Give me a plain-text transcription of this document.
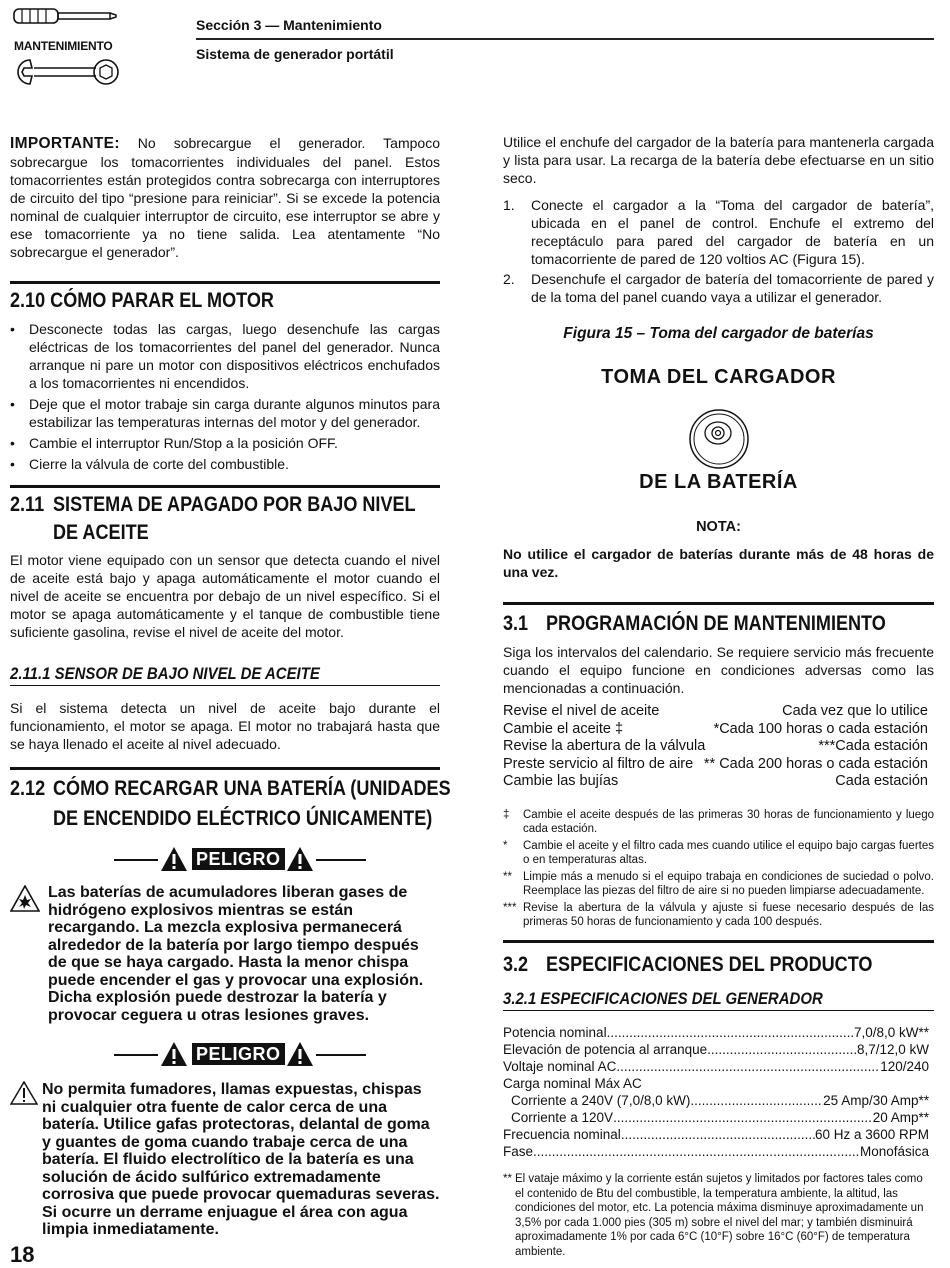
MANTENIMIENTO
Sección 3 — Mantenimiento
Sistema de generador portátil

IMPORTANTE: No sobrecargue el generador. Tampoco sobrecargue los tomacorrientes individuales del panel. Estos tomacorrientes están protegidos contra sobrecarga con interruptores de circuito del tipo “presione para reiniciar”. Si se excede la potencia nominal de cualquier interruptor de circuito, ese interruptor se abre y ese tomacorriente ya no tiene salida. Lea atentamente “No sobrecargue el generador”.

2.10 CÓMO PARAR EL MOTOR
• Desconecte todas las cargas, luego desenchufe las cargas eléctricas de los tomacorrientes del panel del generador. Nunca arranque ni pare un motor con dispositivos eléctricos enchufados a los tomacorrientes ni encendidos.
• Deje que el motor trabaje sin carga durante algunos minutos para estabilizar las temperaturas internas del motor y del generador.
• Cambie el interruptor Run/Stop a la posición OFF.
• Cierre la válvula de corte del combustible.
2.11 SISTEMA DE APAGADO POR BAJO NIVEL
DE ACEITE

El motor viene equipado con un sensor que detecta cuando el nivel de aceite está bajo y apaga automáticamente el motor cuando el nivel de aceite se encuentra por debajo de un nivel específico. Si el motor se apaga automáticamente y el tanque de combustible tiene suficiente gasolina, revise el nivel de aceite del motor.

2.11.1 SENSOR DE BAJO NIVEL DE ACEITE

Si el sistema detecta un nivel de aceite bajo durante el funcionamiento, el motor se apaga. El motor no trabajará hasta que se haya llenado el aceite al nivel adecuado.

2.12 CÓMO RECARGAR UNA BATERÍA (UNIDADES
DE ENCENDIDO ELÉCTRICO ÚNICAMENTE)
PELIGRO
Las baterías de acumuladores liberan gases de hidrógeno explosivos mientras se están recargando. La mezcla explosiva permanecerá alrededor de la batería por largo tiempo después de que se haya cargado. Hasta la menor chispa puede encender el gas y provocar una explosión. Dicha explosión puede destrozar la batería y provocar ceguera u otras lesiones graves.
PELIGRO
No permita fumadores, llamas expuestas, chispas ni cualquier otra fuente de calor cerca de una batería. Utilice gafas protectoras, delantal de goma y guantes de goma cuando trabaje cerca de una batería. El fluido electrolítico de la batería es una solución de ácido sulfúrico extremadamente corrosiva que puede provocar quemaduras severas. Si ocurre un derrame enjuague el área con agua limpia inmediatamente.
18

Utilice el enchufe del cargador de la batería para mantenerla cargada y lista para usar. La recarga de la batería debe efectuarse en un sitio seco.

1. Conecte el cargador a la “Toma del cargador de batería”, ubicada en el panel de control. Enchufe el extremo del receptáculo para pared del cargador de batería en un tomacorriente de pared de 120 voltios AC (Figura 15).
2. Desenchufe el cargador de batería del tomacorriente de pared y de la toma del panel cuando vaya a utilizar el generador.
Figura 15 – Toma del cargador de baterías
TOMA DEL CARGADOR
DE LA BATERÍA
NOTA:

No utilice el cargador de baterías durante más de 48 horas de una vez.

3.1 PROGRAMACIÓN DE MANTENIMIENTO

Siga los intervalos del calendario. Se requiere servicio más frecuente cuando el equipo funcione en condiciones adversas como las mencionadas a continuación.

Revise el nivel de aceite	Cada vez que lo utilice
Cambie el aceite ‡	*Cada 100 horas o cada estación
Revise la abertura de la válvula	***Cada estación
Preste servicio al filtro de aire ** Cada 200 horas o cada estación
Cambie las bujías	Cada estación
‡ Cambie el aceite después de las primeras 30 horas de funcionamiento y luego cada estación.
* Cambie el aceite y el filtro cada mes cuando utilice el equipo bajo cargas fuertes o en temperaturas altas.
** Limpie más a menudo si el equipo trabaja en condiciones de suciedad o polvo. Reemplace las piezas del filtro de aire si no pueden limpiarse adecuadamente.
*** Revise la abertura de la válvula y ajuste si fuese necesario después de las primeras 50 horas de funcionamiento y cada 100 después.
3.2 ESPECIFICACIONES DEL PRODUCTO
3.2.1 ESPECIFICACIONES DEL GENERADOR
Potencia nominal .....	7,0/8,0 kW**
Elevación de potencia al arranque .....	8,7/12,0 kW
Voltaje nominal AC .....	120/240
Carga nominal Máx AC
Corriente a 240V (7,0/8,0 kW) .....	25 Amp/30 Amp**
Corriente a 120V .....	20 Amp**
Frecuencia nominal .....	60 Hz a 3600 RPM
Fase .....	Monofásica
** El vataje máximo y la corriente están sujetos y limitados por factores tales como el contenido de Btu del combustible, la temperatura ambiente, la altitud, las condiciones del motor, etc. La potencia máxima disminuye aproximadamente un 3,5% por cada 1.000 pies (305 m) sobre el nivel del mar; y también disminuirá aproximadamente 1% por cada 6°C (10°F) sobre 16°C (60°F) de temperatura ambiente.
